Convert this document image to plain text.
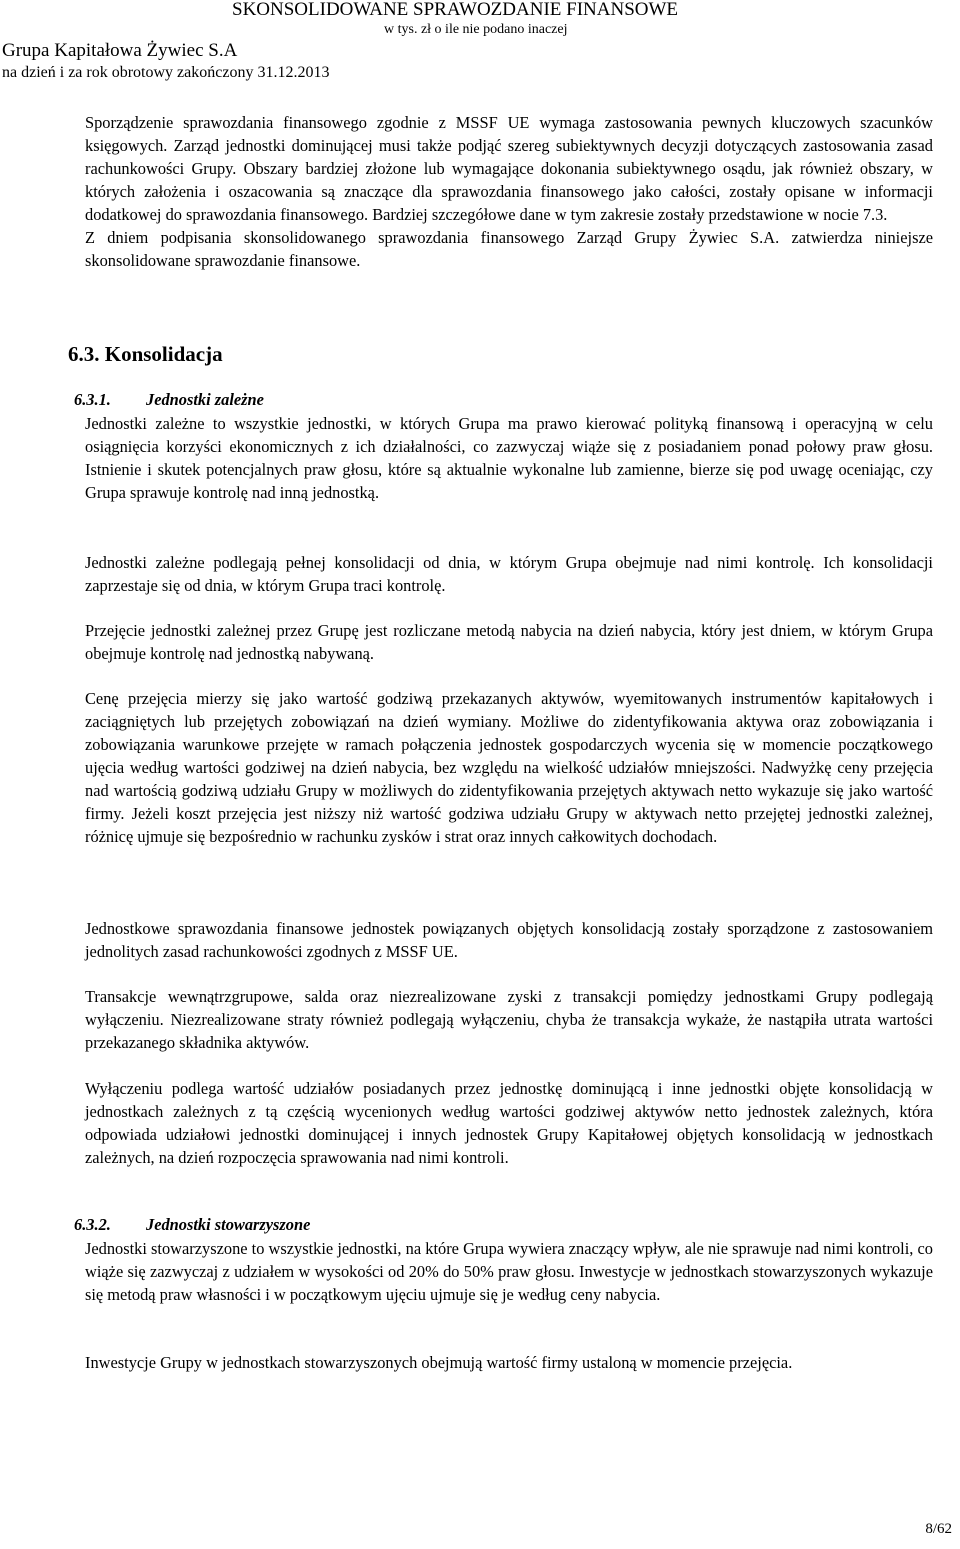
SKONSOLIDOWANE SPRAWOZDANIE FINANSOWE
w tys. zł o ile nie podano inaczej
Grupa Kapitałowa Żywiec S.A
na dzień i za rok obrotowy zakończony 31.12.2013

Sporządzenie sprawozdania finansowego zgodnie z MSSF UE wymaga zastosowania pewnych kluczowych szacunków księgowych. Zarząd jednostki dominującej musi także podjąć szereg subiektywnych decyzji dotyczących zastosowania zasad rachunkowości Grupy. Obszary bardziej złożone lub wymagające dokonania subiektywnego osądu, jak również obszary, w których założenia i oszacowania są znaczące dla sprawozdania finansowego jako całości, zostały opisane w informacji dodatkowej do sprawozdania finansowego. Bardziej szczegółowe dane w tym zakresie zostały przedstawione w nocie 7.3.

Z dniem podpisania skonsolidowanego sprawozdania finansowego Zarząd Grupy Żywiec S.A. zatwierdza niniejsze skonsolidowane sprawozdanie finansowe.

6.3. Konsolidacja
6.3.1. Jednostki zależne

Jednostki zależne to wszystkie jednostki, w których Grupa ma prawo kierować polityką finansową i operacyjną w celu osiągnięcia korzyści ekonomicznych z ich działalności, co zazwyczaj wiąże się z posiadaniem ponad połowy praw głosu. Istnienie i skutek potencjalnych praw głosu, które są aktualnie wykonalne lub zamienne, bierze się pod uwagę oceniając, czy Grupa sprawuje kontrolę nad inną jednostką.

Jednostki zależne podlegają pełnej konsolidacji od dnia, w którym Grupa obejmuje nad nimi kontrolę. Ich konsolidacji zaprzestaje się od dnia, w którym Grupa traci kontrolę.

Przejęcie jednostki zależnej przez Grupę jest rozliczane metodą nabycia na dzień nabycia, który jest dniem, w którym Grupa obejmuje kontrolę nad jednostką nabywaną.

Cenę przejęcia mierzy się jako wartość godziwą przekazanych aktywów, wyemitowanych instrumentów kapitałowych i zaciągniętych lub przejętych zobowiązań na dzień wymiany. Możliwe do zidentyfikowania aktywa oraz zobowiązania i zobowiązania warunkowe przejęte w ramach połączenia jednostek gospodarczych wycenia się w momencie początkowego ujęcia według wartości godziwej na dzień nabycia, bez względu na wielkość udziałów mniejszości. Nadwyżkę ceny przejęcia nad wartością godziwą udziału Grupy w możliwych do zidentyfikowania przejętych aktywach netto wykazuje się jako wartość firmy. Jeżeli koszt przejęcia jest niższy niż wartość godziwa udziału Grupy w aktywach netto przejętej jednostki zależnej, różnicę ujmuje się bezpośrednio w rachunku zysków i strat oraz innych całkowitych dochodach.

Jednostkowe sprawozdania finansowe jednostek powiązanych objętych konsolidacją zostały sporządzone z zastosowaniem jednolitych zasad rachunkowości zgodnych z MSSF UE.

Transakcje wewnątrzgrupowe, salda oraz niezrealizowane zyski z transakcji pomiędzy jednostkami Grupy podlegają wyłączeniu. Niezrealizowane straty również podlegają wyłączeniu, chyba że transakcja wykaże, że nastąpiła utrata wartości przekazanego składnika aktywów.

Wyłączeniu podlega wartość udziałów posiadanych przez jednostkę dominującą i inne jednostki objęte konsolidacją w jednostkach zależnych z tą częścią wycenionych według wartości godziwej aktywów netto jednostek zależnych, która odpowiada udziałowi jednostki dominującej i innych jednostek Grupy Kapitałowej objętych konsolidacją w jednostkach zależnych, na dzień rozpoczęcia sprawowania nad nimi kontroli.

6.3.2. Jednostki stowarzyszone

Jednostki stowarzyszone to wszystkie jednostki, na które Grupa wywiera znaczący wpływ, ale nie sprawuje nad nimi kontroli, co wiąże się zazwyczaj z udziałem w wysokości od 20% do 50% praw głosu. Inwestycje w jednostkach stowarzyszonych wykazuje się metodą praw własności i w początkowym ujęciu ujmuje się je według ceny nabycia.

Inwestycje Grupy w jednostkach stowarzyszonych obejmują wartość firmy ustaloną w momencie przejęcia.

8/62
